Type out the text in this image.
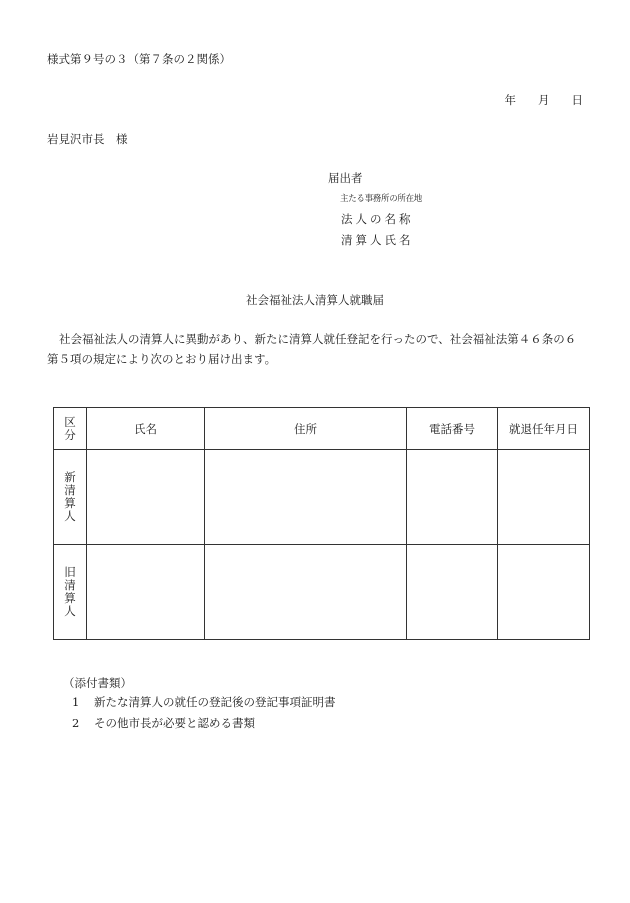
様式第９号の３（第７条の２関係）
年 月 日
岩見沢市長　様
届出者
主たる事務所の所在地
法人の名称
清算人氏名
社会福祉法人清算人就職届
社会福祉法人の清算人に異動があり、新たに清算人就任登記を行ったので、社会福祉法第４６条の６第５項の規定により次のとおり届け出ます。
区分	氏名	住所	電話番号	就退任年月日
新清算人				
旧清算人				
（添付書類）
1 新たな清算人の就任の登記後の登記事項証明書
2 その他市長が必要と認める書類
